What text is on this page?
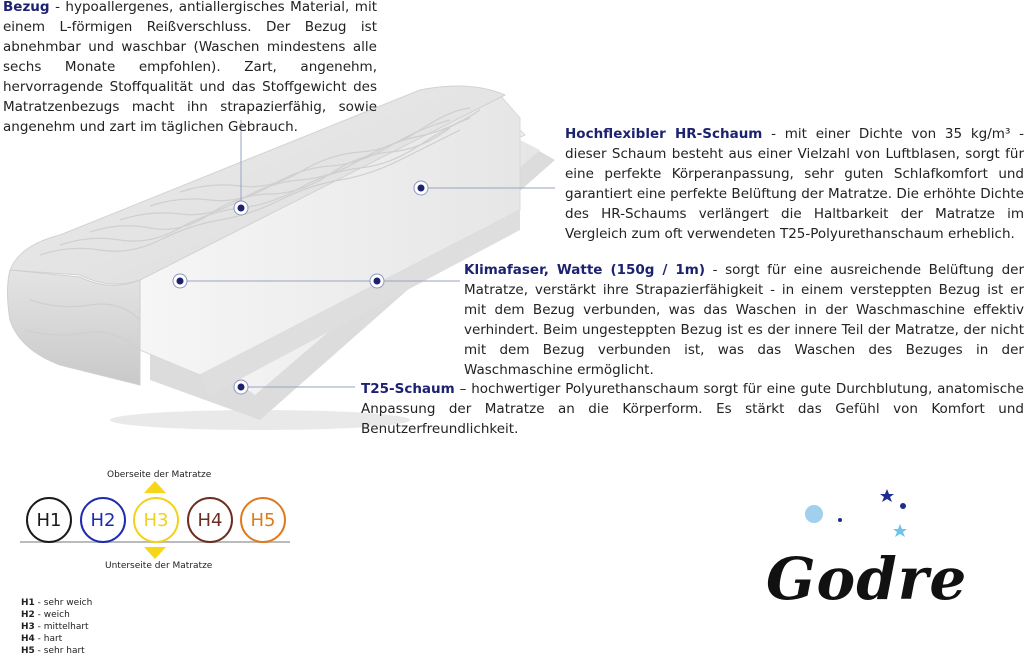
Bezug - hypoallergenes, antiallergisches Material, mit einem L-förmigen Reißverschluss. Der Bezug ist abnehmbar und waschbar (Waschen mindestens alle sechs Monate empfohlen). Zart, angenehm, hervorragende Stoffqualität und das Stoffgewicht des Matratzenbezugs macht ihn strapazierfähig, sowie angenehm und zart im täglichen Gebrauch.	Hochflexibler HR-Schaum - mit einer Dichte von 35 kg/m³ - dieser Schaum besteht aus einer Vielzahl von Luftblasen, sorgt für eine perfekte Körperanpassung, sehr guten Schlafkomfort und garantiert eine perfekte Belüftung der Matratze. Die erhöhte Dichte des HR-Schaums verlängert die Haltbarkeit der Matratze im Vergleich zum oft verwendeten T25-Polyurethanschaum erheblich.
Klimafaser, Watte (150g / 1m) - sorgt für eine ausreichende Belüftung der Matratze, verstärkt ihre Strapazierfähigkeit - in einem versteppten Bezug ist er mit dem Bezug verbunden, was das Waschen in der Waschmaschine effektiv verhindert. Beim ungesteppten Bezug ist es der innere Teil der Matratze, der nicht mit dem Bezug verbunden ist, was das Waschen des Bezuges in der Waschmaschine ermöglicht.
T25-Schaum – hochwertiger Polyurethanschaum sorgt für eine gute Durchblutung, anatomische Anpassung der Matratze an die Körperform. Es stärkt das Gefühl von Komfort und Benutzerfreundlichkeit.
Oberseite der Matratze
Unterseite der Matratze
H1 H2 H3 H4 H5
H1 - sehr weich
H2 - weich
H3 - mittelhart
H4 - hart
H5 - sehr hart
Godre
